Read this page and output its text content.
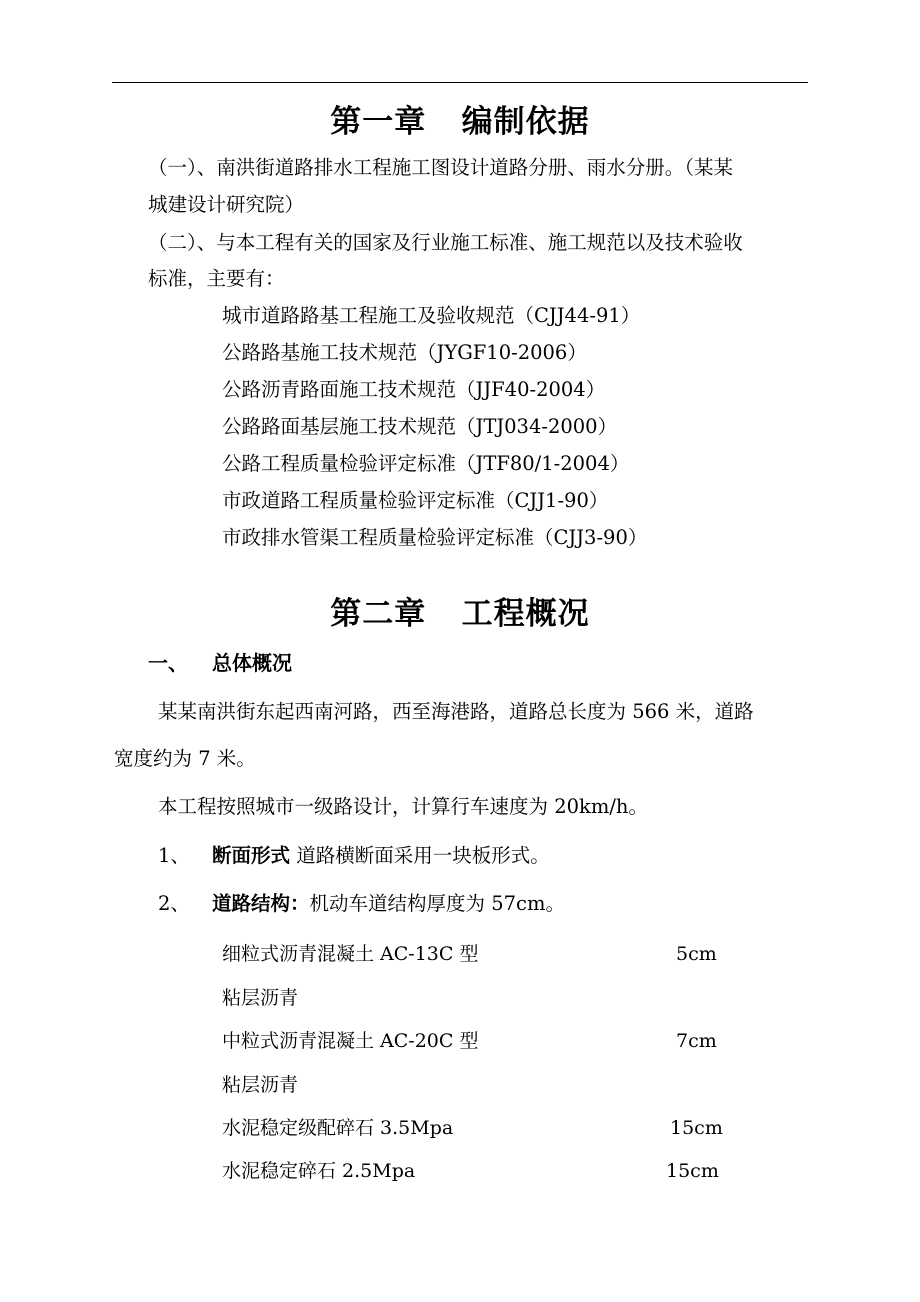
第一章   编制依据
（一）、南洪街道路排水工程施工图设计道路分册、雨水分册。（某某
城建设计研究院）
（二）、与本工程有关的国家及行业施工标准、施工规范以及技术验收
标准，主要有：
城市道路路基工程施工及验收规范（CJJ44-91）
公路路基施工技术规范（JYGF10-2006）
公路沥青路面施工技术规范（JJF40-2004）
公路路面基层施工技术规范（JTJ034-2000）
公路工程质量检验评定标准（JTF80/1-2004）
市政道路工程质量检验评定标准（CJJ1-90）
市政排水管渠工程质量检验评定标准（CJJ3-90）
第二章   工程概况
一、 总体概况
某某南洪街东起西南河路，西至海港路，道路总长度为 566 米，道路
宽度约为 7 米。
本工程按照城市一级路设计，计算行车速度为 20km/h。
1、 断面形式 道路横断面采用一块板形式。
2、 道路结构：机动车道结构厚度为 57cm。
细粒式沥青混凝土 AC-13C 型	5cm
粘层沥青
中粒式沥青混凝土 AC-20C 型	7cm
粘层沥青
水泥稳定级配碎石 3.5Mpa	15cm
水泥稳定碎石 2.5Mpa	15cm
